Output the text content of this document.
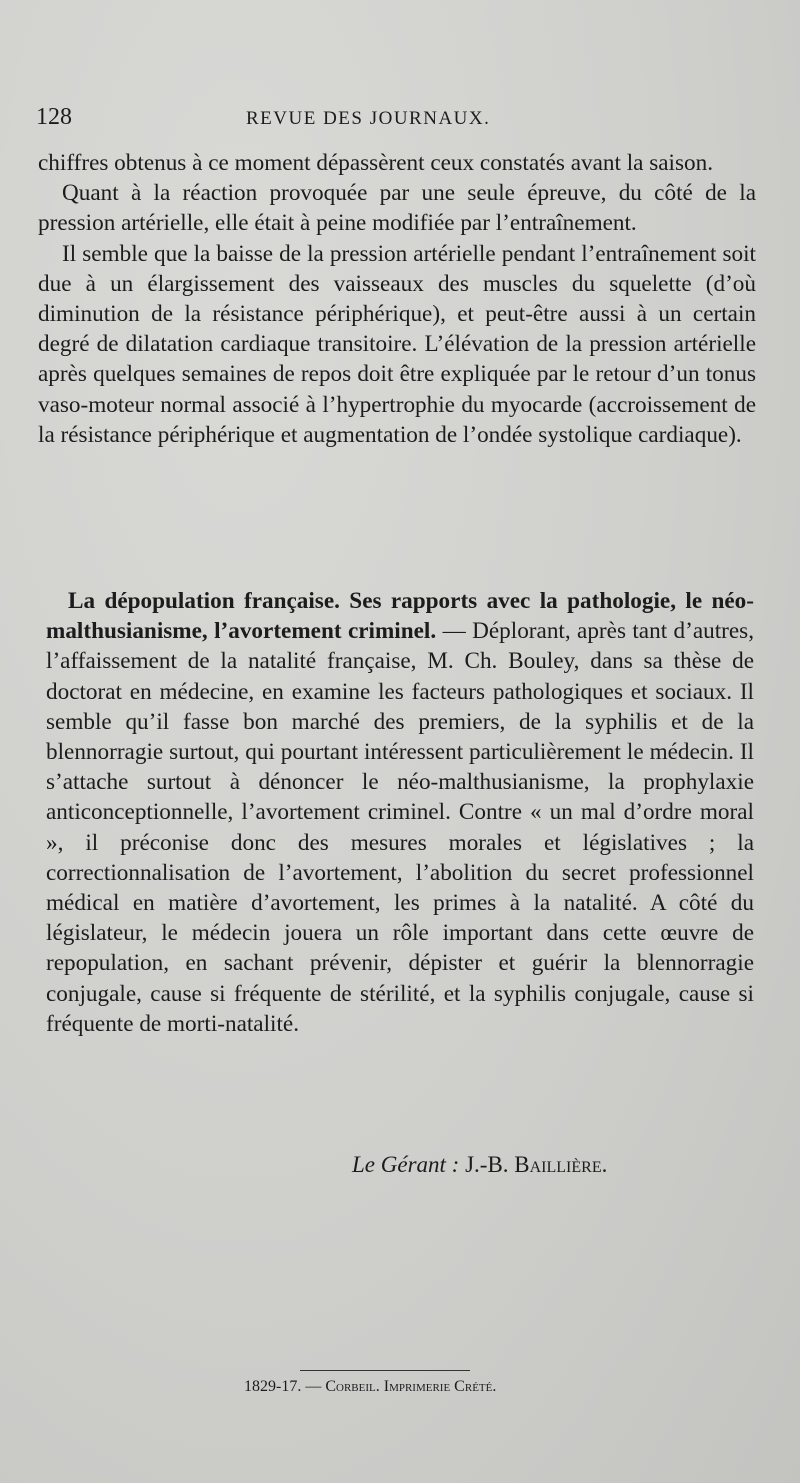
128	REVUE DES JOURNAUX.

chiffres obtenus à ce moment dépassèrent ceux constatés avant la saison.

Quant à la réaction provoquée par une seule épreuve, du côté de la pression artérielle, elle était à peine modifiée par l’entraînement.

Il semble que la baisse de la pression artérielle pendant l’entraînement soit due à un élargissement des vaisseaux des muscles du squelette (d’où diminution de la résistance périphérique), et peut-être aussi à un certain degré de dilatation cardiaque transitoire. L’élévation de la pression artérielle après quelques semaines de repos doit être expliquée par le retour d’un tonus vaso-moteur normal associé à l’hypertrophie du myocarde (accroissement de la résistance périphérique et augmentation de l’ondée systolique cardiaque).

La dépopulation française. Ses rapports avec la pathologie, le néo-malthusianisme, l’avortement criminel. — Déplorant, après tant d’autres, l’affaissement de la natalité française, M. Ch. Bouley, dans sa thèse de doctorat en médecine, en examine les facteurs pathologiques et sociaux. Il semble qu’il fasse bon marché des premiers, de la syphilis et de la blennorragie surtout, qui pourtant intéressent particulièrement le médecin. Il s’attache surtout à dénoncer le néo-malthusianisme, la prophylaxie anticonceptionnelle, l’avortement criminel. Contre « un mal d’ordre moral », il préconise donc des mesures morales et législatives ; la correctionnalisation de l’avortement, l’abolition du secret professionnel médical en matière d’avortement, les primes à la natalité. A côté du législateur, le médecin jouera un rôle important dans cette œuvre de repopulation, en sachant prévenir, dépister et guérir la blennorragie conjugale, cause si fréquente de stérilité, et la syphilis conjugale, cause si fréquente de morti-natalité.

Le Gérant : J.-B. Baillière.
1829-17. — Corbeil. Imprimerie Crété.
